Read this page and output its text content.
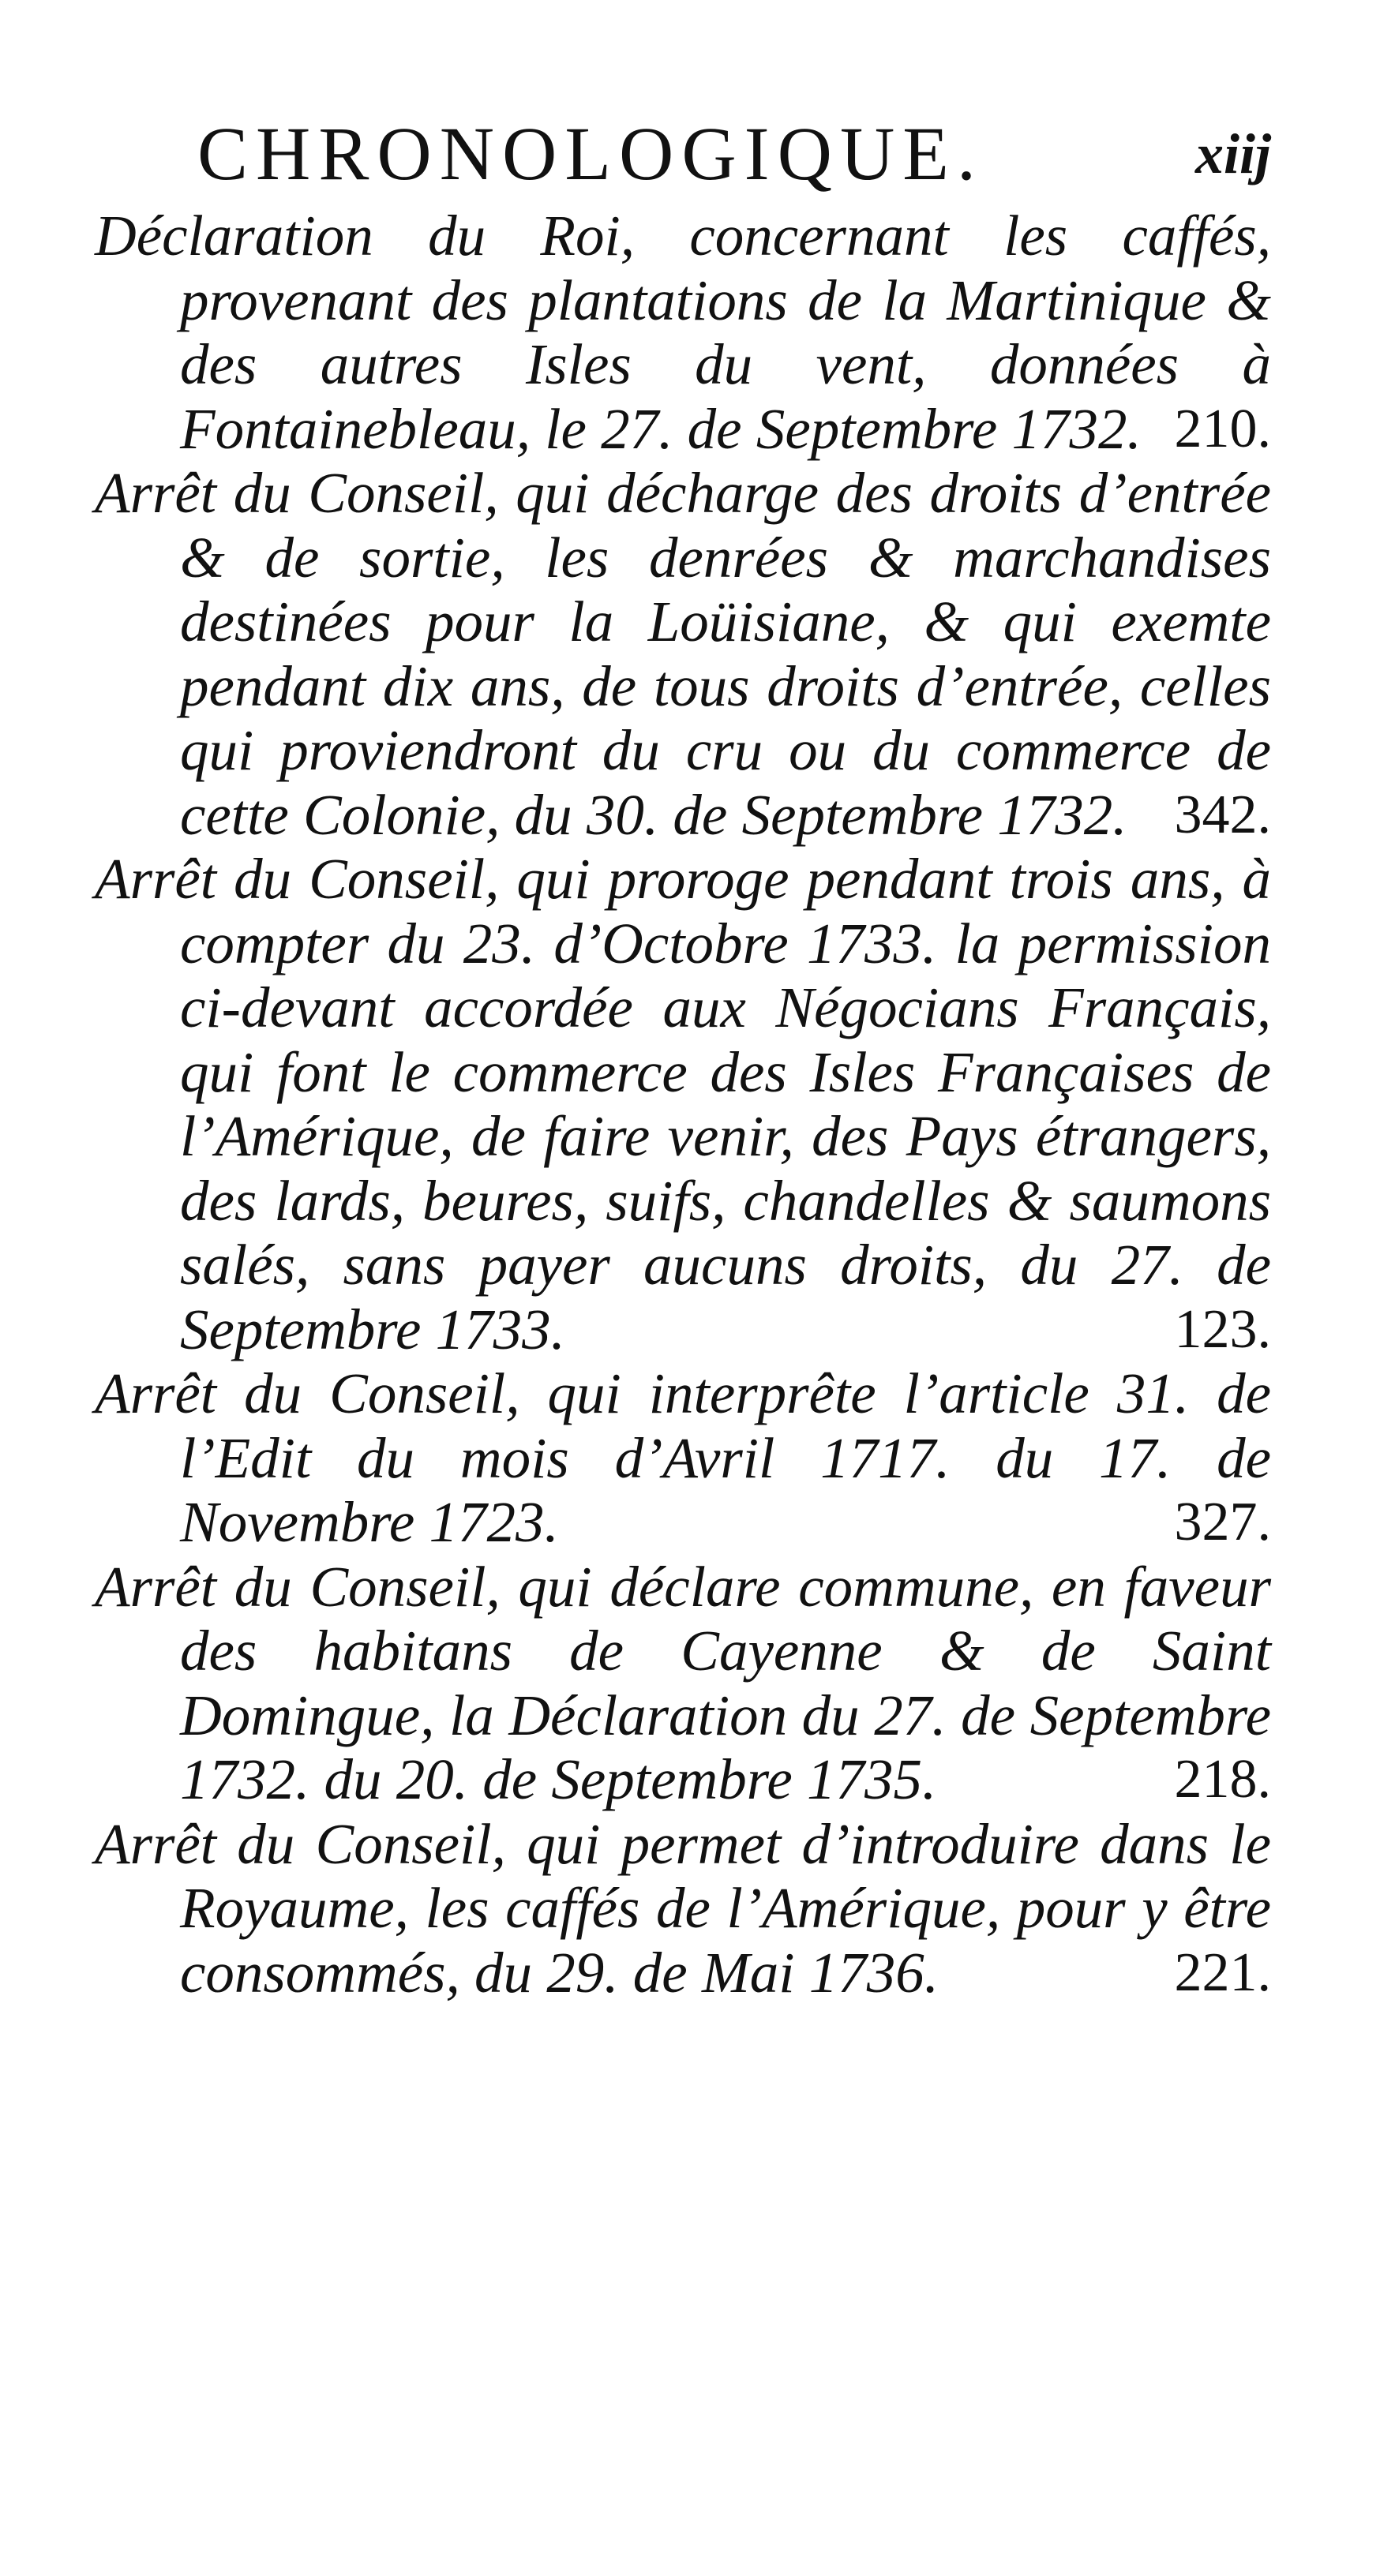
CHRONOLOGIQUE.	xiij

Déclaration du Roi, concernant les caffés, provenant des plantations de la Martinique & des autres Isles du vent, données à Fontainebleau, le 27. de Septembre 1732. 210.

Arrêt du Conseil, qui décharge des droits d’entrée & de sortie, les denrées & marchandises destinées pour la Loüisiane, & qui exemte pendant dix ans, de tous droits d’entrée, celles qui proviendront du cru ou du commerce de cette Colonie, du 30. de Septembre 1732. 342.

Arrêt du Conseil, qui proroge pendant trois ans, à compter du 23. d’Octobre 1733. la permission ci-devant accordée aux Négocians Français, qui font le commerce des Isles Françaises de l’Amérique, de faire venir, des Pays étrangers, des lards, beures, suifs, chandelles & saumons salés, sans payer aucuns droits, du 27. de Septembre 1733.	123.

Arrêt du Conseil, qui interprête l’article 31. de l’Edit du mois d’Avril 1717. du 17. de Novembre 1723.	327.

Arrêt du Conseil, qui déclare commune, en faveur des habitans de Cayenne & de Saint Domingue, la Déclaration du 27. de Septembre 1732. du 20. de Septembre 1735.	218.

Arrêt du Conseil, qui permet d’introduire dans le Royaume, les caffés de l’Amérique, pour y être consommés, du 29. de Mai 1736.	221.
